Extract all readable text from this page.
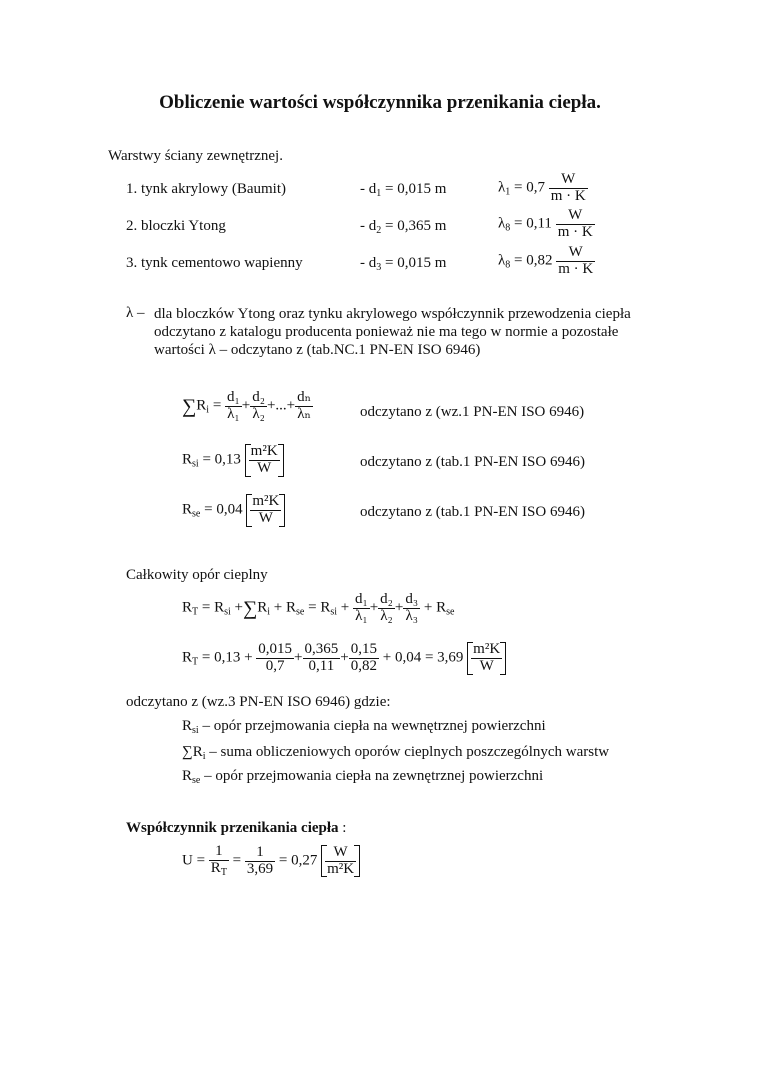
Obliczenie wartości współczynnika przenikania ciepła.
Warstwy ściany zewnętrznej.
1. tynk akrylowy (Baumit)	- $d_1 = 0,015$ m	$\lambda_1 = 0,7 \frac{W}{m \cdot K}$
2. bloczki Ytong	- $d_2 = 0,365$ m	$\lambda_8 = 0,11 \frac{W}{m \cdot K}$
3. tynk cementowo wapienny	- $d_3 = 0,015$ m	$\lambda_8 = 0,82 \frac{W}{m \cdot K}$
λ – dla bloczków Ytong oraz tynku akrylowego współczynnik przewodzenia ciepła
odczytano z katalogu producenta ponieważ nie ma tego w normie a pozostałe
wartości λ – odczytano z (tab.NC.1 PN-EN ISO 6946)
$\sum R_i = \frac{\text{d₁}}{\text{λ₁}} + \frac{\text{d₂}}{\text{λ₂}}$ +...+ $\frac{\text{dₙ}}{\text{λₙ}}$	odczytano z (wz.1 PN-EN ISO 6946)
$R_{si} = 0,13 \frac{\text{m²K}}{W}$	odczytano z (tab.1 PN-EN ISO 6946)
$R_{se} = 0,04 \frac{\text{m²K}}{W}$	odczytano z (tab.1 PN-EN ISO 6946)
Całkowity opór cieplny
$R_T = R_{si} +\sum R_i + R_{se} = R_{si} + \frac{\text{d₁}}{\text{λ₁}} + \frac{\text{d₂}}{\text{λ₂}} + \frac{\text{d₃}}{\text{λ₃}} + R_{se}$
$R_T = 0,13 + \frac{0,015}{0,7} + \frac{0,365}{0,11} + \frac{0,15}{0,82} + 0,04 = 3,69 \frac{\text{m²K}}{W}$
odczytano z (wz.3 PN-EN ISO 6946) gdzie:
$R_{si}$ – opór przejmowania ciepła na wewnętrznej powierzchni
$\sum R_i$ – suma obliczeniowych oporów cieplnych poszczególnych warstw
$R_{se}$ – opór przejmowania ciepła na zewnętrznej powierzchni
Współczynnik przenikania ciepła :
$U = \frac{1}{R_T} = \frac{1}{3,69} = 0,27 \frac{W}{\text{m²K}}$
